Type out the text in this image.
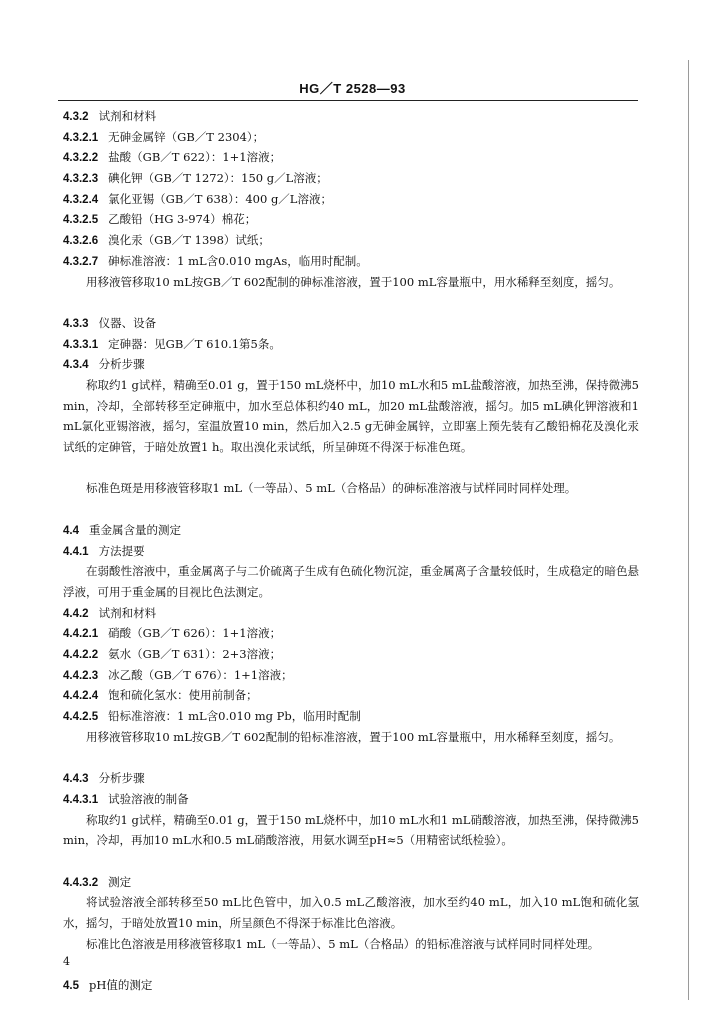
HG／T 2528—93
4.3.2 试剂和材料
4.3.2.1 无砷金属锌（GB／T 2304）；
4.3.2.2 盐酸（GB／T 622）：1+1溶液；
4.3.2.3 碘化钾（GB／T 1272）：150 g／L溶液；
4.3.2.4 氯化亚锡（GB／T 638）：400 g／L溶液；
4.3.2.5 乙酸铅（HG 3-974）棉花；
4.3.2.6 溴化汞（GB／T 1398）试纸；
4.3.2.7 砷标准溶液：1 mL含0.010 mgAs，临用时配制。
用移液管移取10 mL按GB／T 602配制的砷标准溶液，置于100 mL容量瓶中，用水稀释至刻度，摇匀。
4.3.3 仪器、设备
4.3.3.1 定砷器：见GB／T 610.1第5条。
4.3.4 分析步骤
称取约1 g试样，精确至0.01 g，置于150 mL烧杯中，加10 mL水和5 mL盐酸溶液，加热至沸，保持微沸5 min，冷却，全部转移至定砷瓶中，加水至总体积约40 mL，加20 mL盐酸溶液，摇匀。加5 mL碘化钾溶液和1 mL氯化亚锡溶液，摇匀，室温放置10 min，然后加入2.5 g无砷金属锌，立即塞上预先装有乙酸铅棉花及溴化汞试纸的定砷管，于暗处放置1 h。取出溴化汞试纸，所呈砷斑不得深于标准色斑。
标准色斑是用移液管移取1 mL（一等品）、5 mL（合格品）的砷标准溶液与试样同时同样处理。
4.4 重金属含量的测定
4.4.1 方法提要
在弱酸性溶液中，重金属离子与二价硫离子生成有色硫化物沉淀，重金属离子含量较低时，生成稳定的暗色悬浮液，可用于重金属的目视比色法测定。
4.4.2 试剂和材料
4.4.2.1 硝酸（GB／T 626）：1+1溶液；
4.4.2.2 氨水（GB／T 631）：2+3溶液；
4.4.2.3 冰乙酸（GB／T 676）：1+1溶液；
4.4.2.4 饱和硫化氢水：使用前制备；
4.4.2.5 铅标准溶液：1 mL含0.010 mg Pb，临用时配制
用移液管移取10 mL按GB／T 602配制的铅标准溶液，置于100 mL容量瓶中，用水稀释至刻度，摇匀。
4.4.3 分析步骤
4.4.3.1 试验溶液的制备
称取约1 g试样，精确至0.01 g，置于150 mL烧杯中，加10 mL水和1 mL硝酸溶液，加热至沸，保持微沸5 min，冷却，再加10 mL水和0.5 mL硝酸溶液，用氨水调至pH≈5（用精密试纸检验）。
4.4.3.2 测定
将试验溶液全部转移至50 mL比色管中，加入0.5 mL乙酸溶液，加水至约40 mL，加入10 mL饱和硫化氢水，摇匀，于暗处放置10 min，所呈颜色不得深于标准比色溶液。
标准比色溶液是用移液管移取1 mL（一等品）、5 mL（合格品）的铅标准溶液与试样同时同样处理。
4.5 pH值的测定
4
